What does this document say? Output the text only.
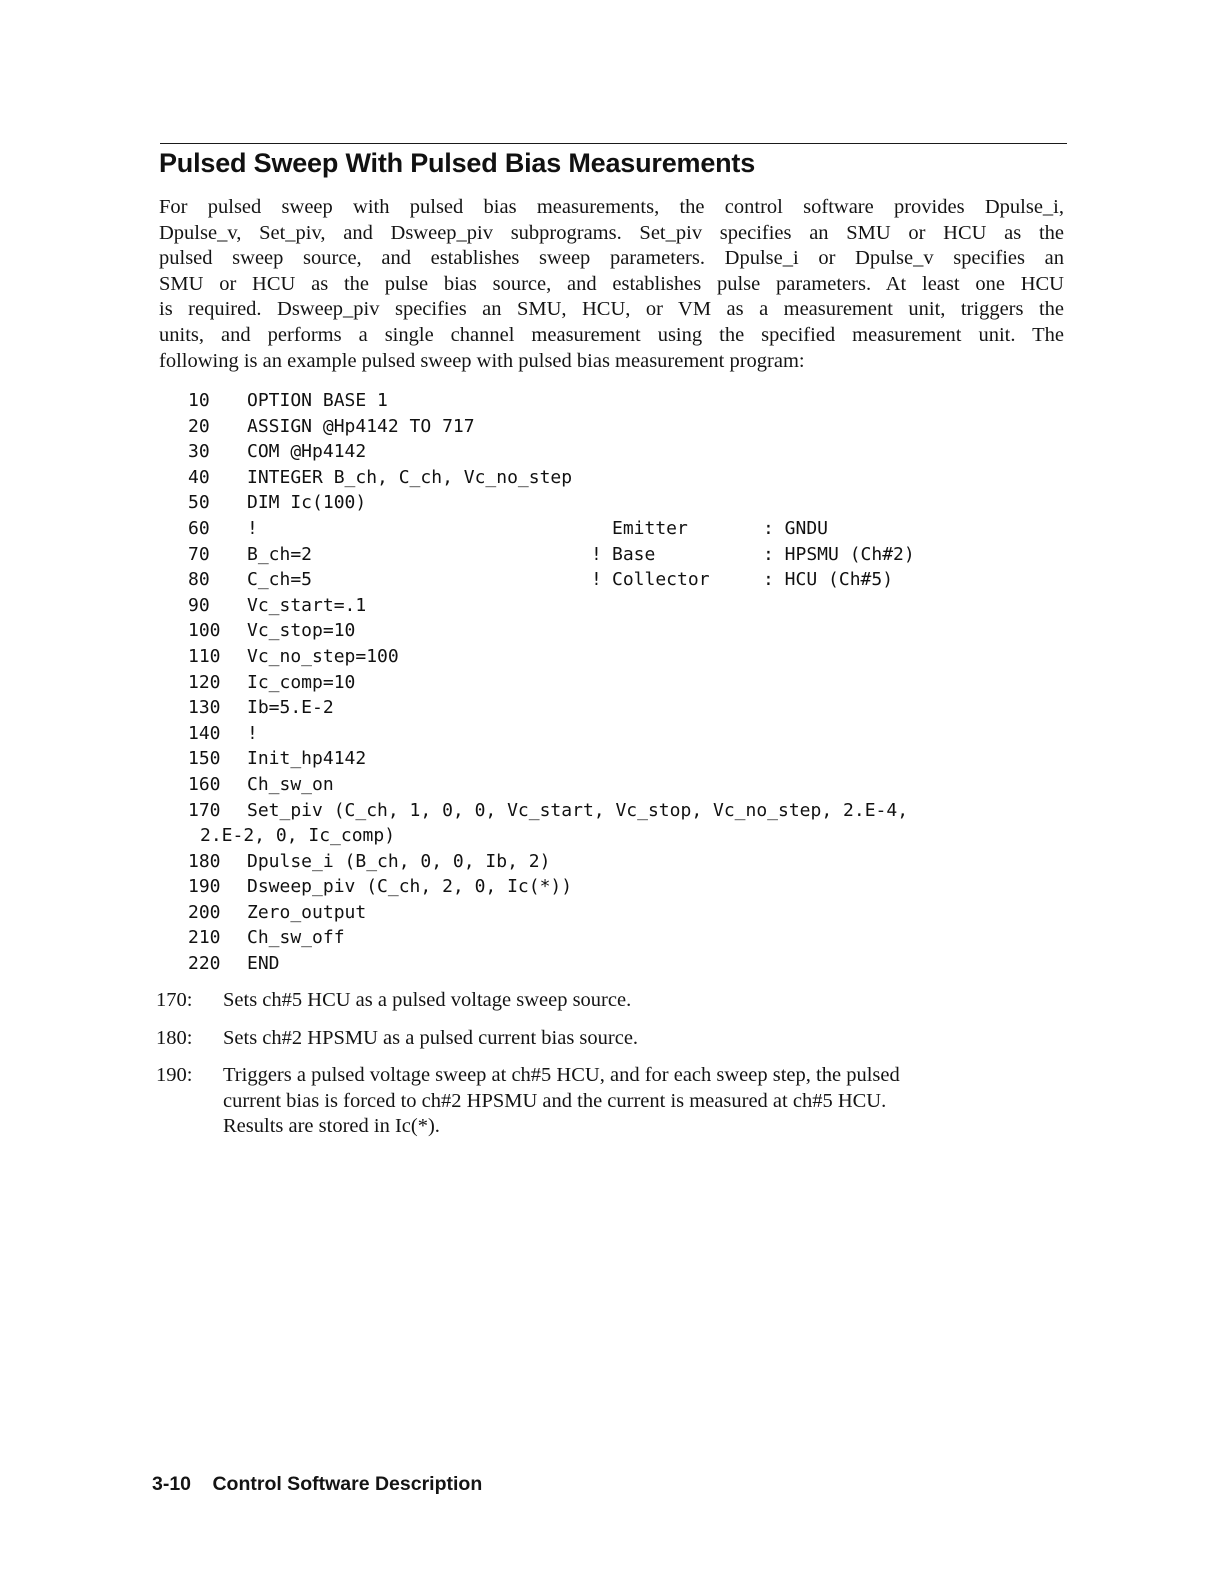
Pulsed Sweep With Pulsed Bias Measurements
For pulsed sweep with pulsed bias measurements, the control software provides Dpulse_i,
Dpulse_v, Set_piv, and Dsweep_piv subprograms. Set_piv specifies an SMU or HCU as the
pulsed sweep source, and establishes sweep parameters. Dpulse_i or Dpulse_v specifies an
SMU or HCU as the pulse bias source, and establishes pulse parameters. At least one HCU
is required. Dsweep_piv specifies an SMU, HCU, or VM as a measurement unit, triggers the
units, and performs a single channel measurement using the specified measurement unit. The
following is an example pulsed sweep with pulsed bias measurement program:
10	OPTION BASE 1
20	ASSIGN @Hp4142 TO 717
30	COM @Hp4142
40	INTEGER B_ch, C_ch, Vc_no_step
50	DIM Ic(100)
60	!	Emitter	: GNDU
70	B_ch=2	! Base	: HPSMU (Ch#2)
80	C_ch=5	! Collector	: HCU (Ch#5)
90	Vc_start=.1
100	Vc_stop=10
110	Vc_no_step=100
120	Ic_comp=10
130	Ib=5.E-2
140	!
150	Init_hp4142
160	Ch_sw_on
170	Set_piv (C_ch, 1, 0, 0, Vc_start, Vc_stop, Vc_no_step, 2.E-4,
2.E-2, 0, Ic_comp)
180	Dpulse_i (B_ch, 0, 0, Ib, 2)
190	Dsweep_piv (C_ch, 2, 0, Ic(*))
200	Zero_output
210	Ch_sw_off
220	END
170: Sets ch#5 HCU as a pulsed voltage sweep source.
180: Sets ch#2 HPSMU as a pulsed current bias source.
190: Triggers a pulsed voltage sweep at ch#5 HCU, and for each sweep step, the pulsed
current bias is forced to ch#2 HPSMU and the current is measured at ch#5 HCU.
Results are stored in Ic(*).
3-10 Control Software Description
